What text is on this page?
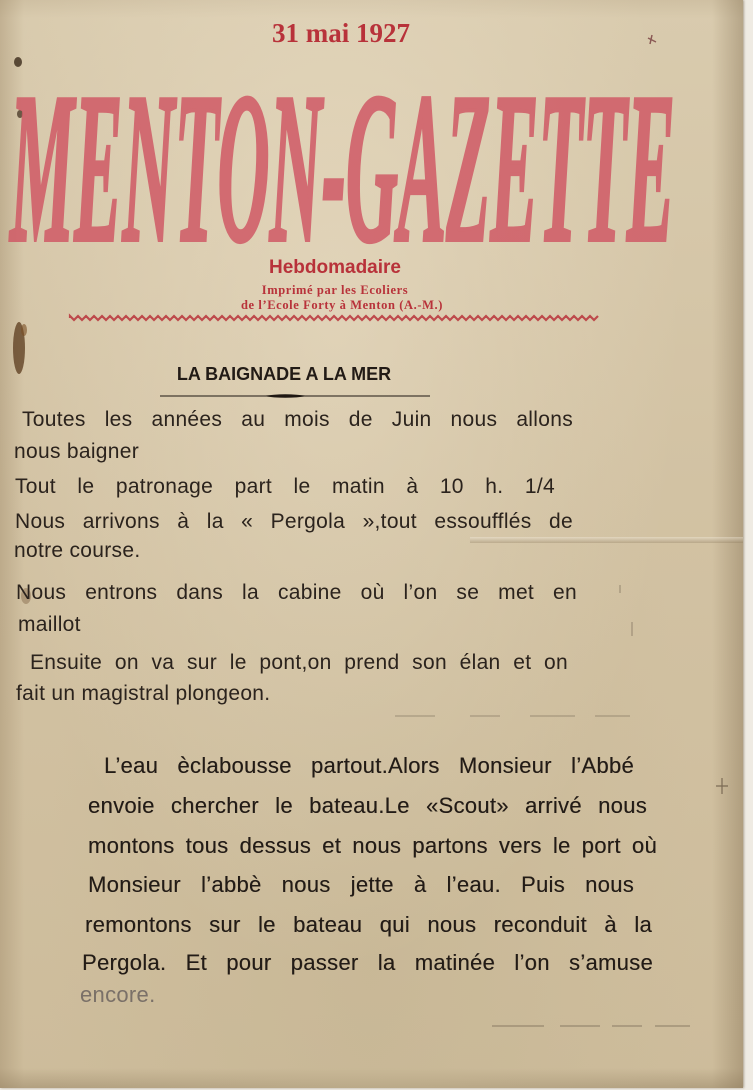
31 mai 1927
MENTON-GAZETTE
Hebdomadaire
Imprimé par les Ecoliers
de l’Ecole Forty à Menton (A.-M.)
LA BAIGNADE A LA MER
Toutes les années au mois de Juin nous allons
nous baigner
Tout le patronage part le matin à 10 h. 1/4
Nous arrivons à la « Pergola »,tout essoufflés de
notre course.
Nous entrons dans la cabine où l’on se met en
maillot
Ensuite on va sur le pont,on prend son élan et on
fait un magistral plongeon.
L’eau èclabousse partout.Alors Monsieur l’Abbé
envoie chercher le bateau.Le «Scout» arrivé nous
montons tous dessus et nous partons vers le port où
Monsieur l’abbè nous jette à l’eau. Puis nous
remontons sur le bateau qui nous reconduit à la
Pergola. Et pour passer la matinée l’on s’amuse
encore.
